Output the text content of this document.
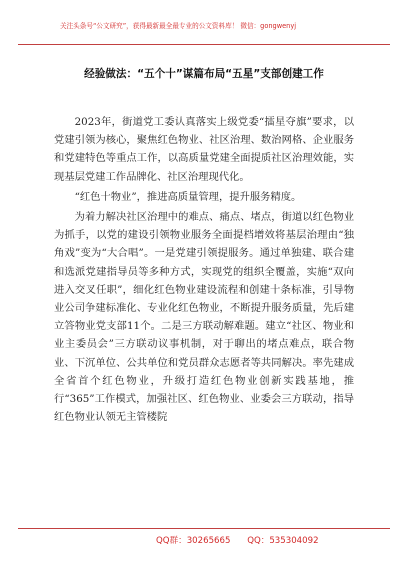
关注头条号“公文研究”，获得最新最全最专业的公文资料库！ 微信：gongwenyj
经验做法：“五个十”谋篇布局“五星”支部创建工作

2023年，街道党工委认真落实上级党委“擂星夺旗”要求，以党建引领为核心，聚焦红色物业、社区治理、数治网格、企业服务和党建特色等重点工作，以高质量党建全面提质社区治理效能，实现基层党建工作品牌化、社区治理现代化。

“红色十物业”，推进高质量管理，提升服务精度。

为着力解决社区治理中的难点、痛点、堵点，街道以红色物业为抓手，以党的建设引领物业服务全面提档增效将基层治理由“独角戏”变为“大合唱”。一是党建引领提服务。通过单独建、联合建和选派党建指导员等多种方式，实现党的组织全覆盖，实施“双向进入交叉任职”，细化红色物业建设流程和创建十条标准，引导物业公司争建标准化、专业化红色物业，不断提升服务质量，先后建立答物业党支部11个。二是三方联动解难题。建立“社区、物业和业主委员会”三方联动议事机制，对于聊出的堵点难点，联合物业、下沉单位、公共单位和党员群众志愿者等共同解决。率先建成全省首个红色物业，升级打造红色物业创新实践基地，推行“365”工作模式，加强社区、红色物业、业委会三方联动，指导红色物业认领无主管楼院

QQ群：30265665 QQ：535304092
